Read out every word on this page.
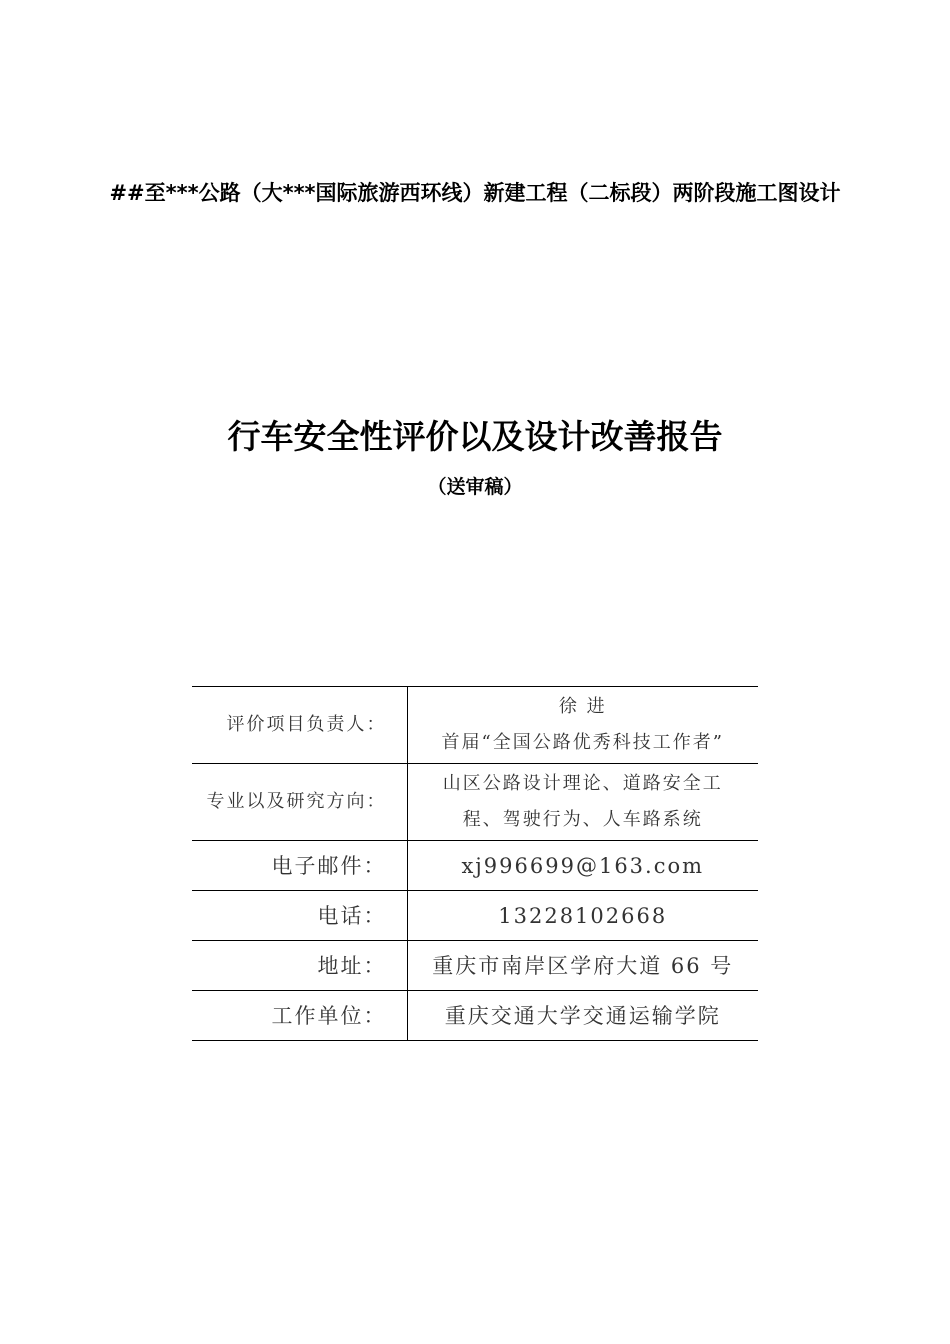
##至***公路（大***国际旅游西环线）新建工程（二标段）两阶段施工图设计
行车安全性评价以及设计改善报告
（送审稿）
评价项目负责人：	徐 进
首届“全国公路优秀科技工作者”

专业以及研究方向：	山区公路设计理论、道路安全工
程、驾驶行为、人车路系统

电子邮件：	xj996699@163.com
电话：	13228102668
地址：	重庆市南岸区学府大道 66 号
工作单位：	重庆交通大学交通运输学院
